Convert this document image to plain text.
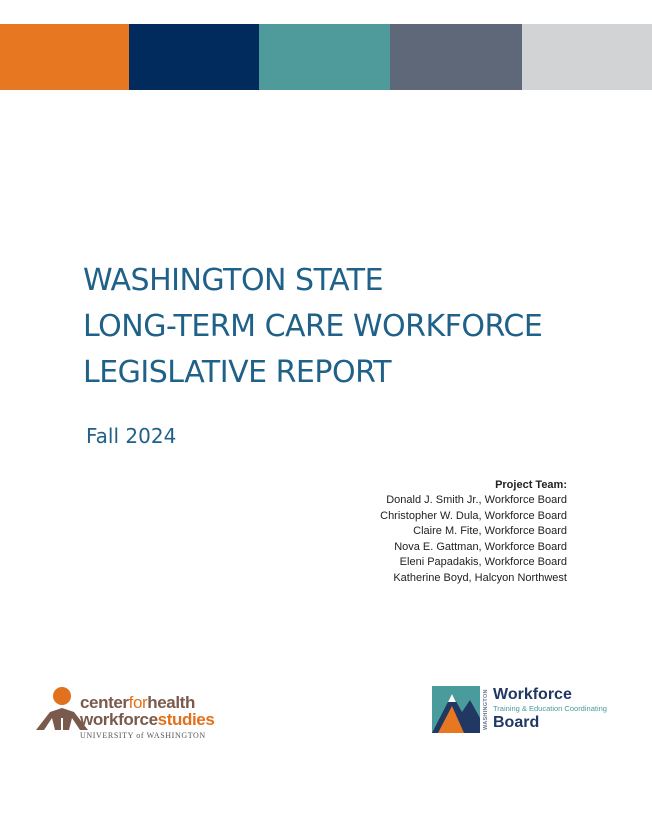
WASHINGTON STATE
LONG-TERM CARE WORKFORCE
LEGISLATIVE REPORT
Fall 2024
Project Team:
Donald J. Smith Jr., Workforce Board
Christopher W. Dula, Workforce Board
Claire M. Fite, Workforce Board
Nova E. Gattman, Workforce Board
Eleni Papadakis, Workforce Board
Katherine Boyd, Halcyon Northwest
centerforhealth
workforcestudies
UNIVERSITY of WASHINGTON
WASHINGTON Workforce
Training & Education Coordinating
Board
